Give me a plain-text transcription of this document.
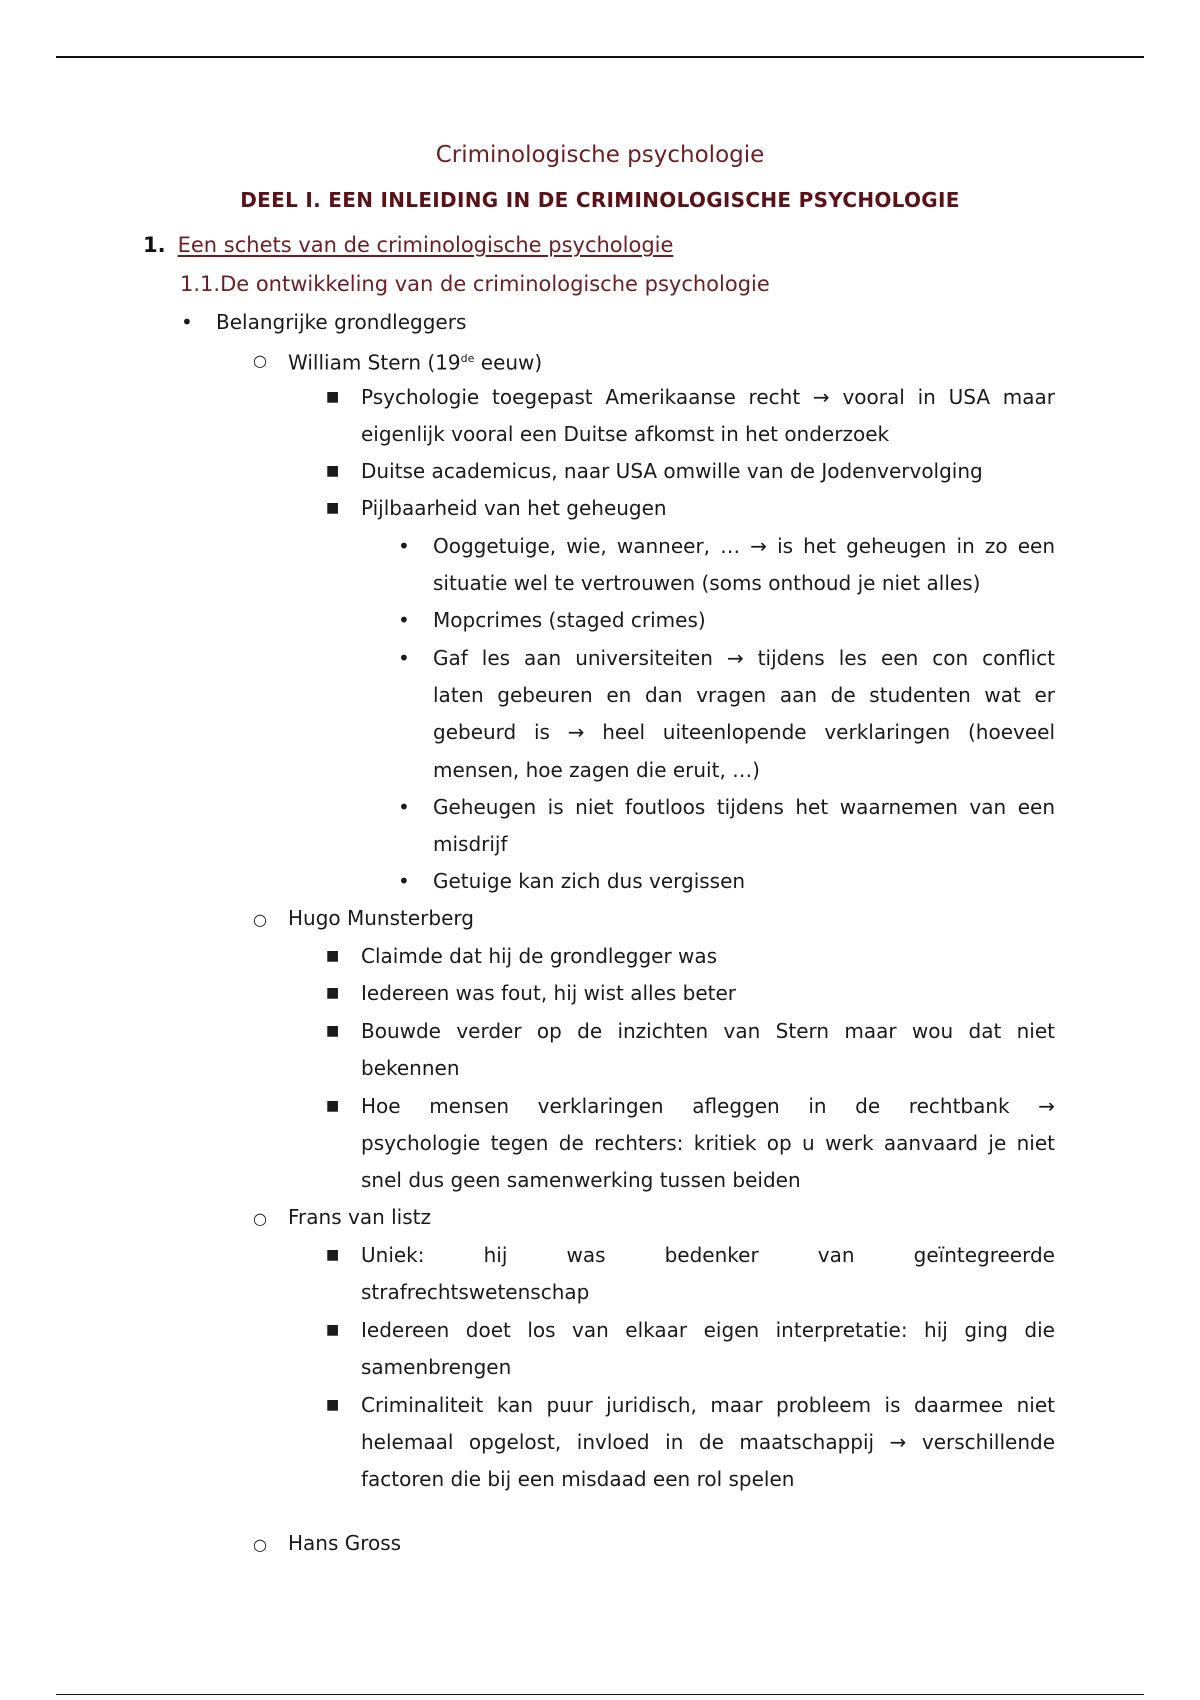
Criminologische psychologie
DEEL I. EEN INLEIDING IN DE CRIMINOLOGISCHE PSYCHOLOGIE
1. Een schets van de criminologische psychologie
1.1.De ontwikkeling van de criminologische psychologie
• Belangrijke grondleggers
○ William Stern (19de eeuw)
■ Psychologie toegepast Amerikaanse recht → vooral in USA maar
eigenlijk vooral een Duitse afkomst in het onderzoek
■ Duitse academicus, naar USA omwille van de Jodenvervolging
■ Pijlbaarheid van het geheugen
• Ooggetuige, wie, wanneer, … → is het geheugen in zo een
situatie wel te vertrouwen (soms onthoud je niet alles)
• Mopcrimes (staged crimes)
• Gaf les aan universiteiten → tijdens les een con conflict
laten gebeuren en dan vragen aan de studenten wat er
gebeurd is → heel uiteenlopende verklaringen (hoeveel
mensen, hoe zagen die eruit, …)
• Geheugen is niet foutloos tijdens het waarnemen van een
misdrijf
• Getuige kan zich dus vergissen
○ Hugo Munsterberg
■ Claimde dat hij de grondlegger was
■ Iedereen was fout, hij wist alles beter
■ Bouwde verder op de inzichten van Stern maar wou dat niet
bekennen
■ Hoe mensen verklaringen afleggen in de rechtbank →
psychologie tegen de rechters: kritiek op u werk aanvaard je niet
snel dus geen samenwerking tussen beiden
○ Frans van listz
■ Uniek: hij was bedenker van geïntegreerde
strafrechtswetenschap
■ Iedereen doet los van elkaar eigen interpretatie: hij ging die
samenbrengen
■ Criminaliteit kan puur juridisch, maar probleem is daarmee niet
helemaal opgelost, invloed in de maatschappij → verschillende
factoren die bij een misdaad een rol spelen
○ Hans Gross
